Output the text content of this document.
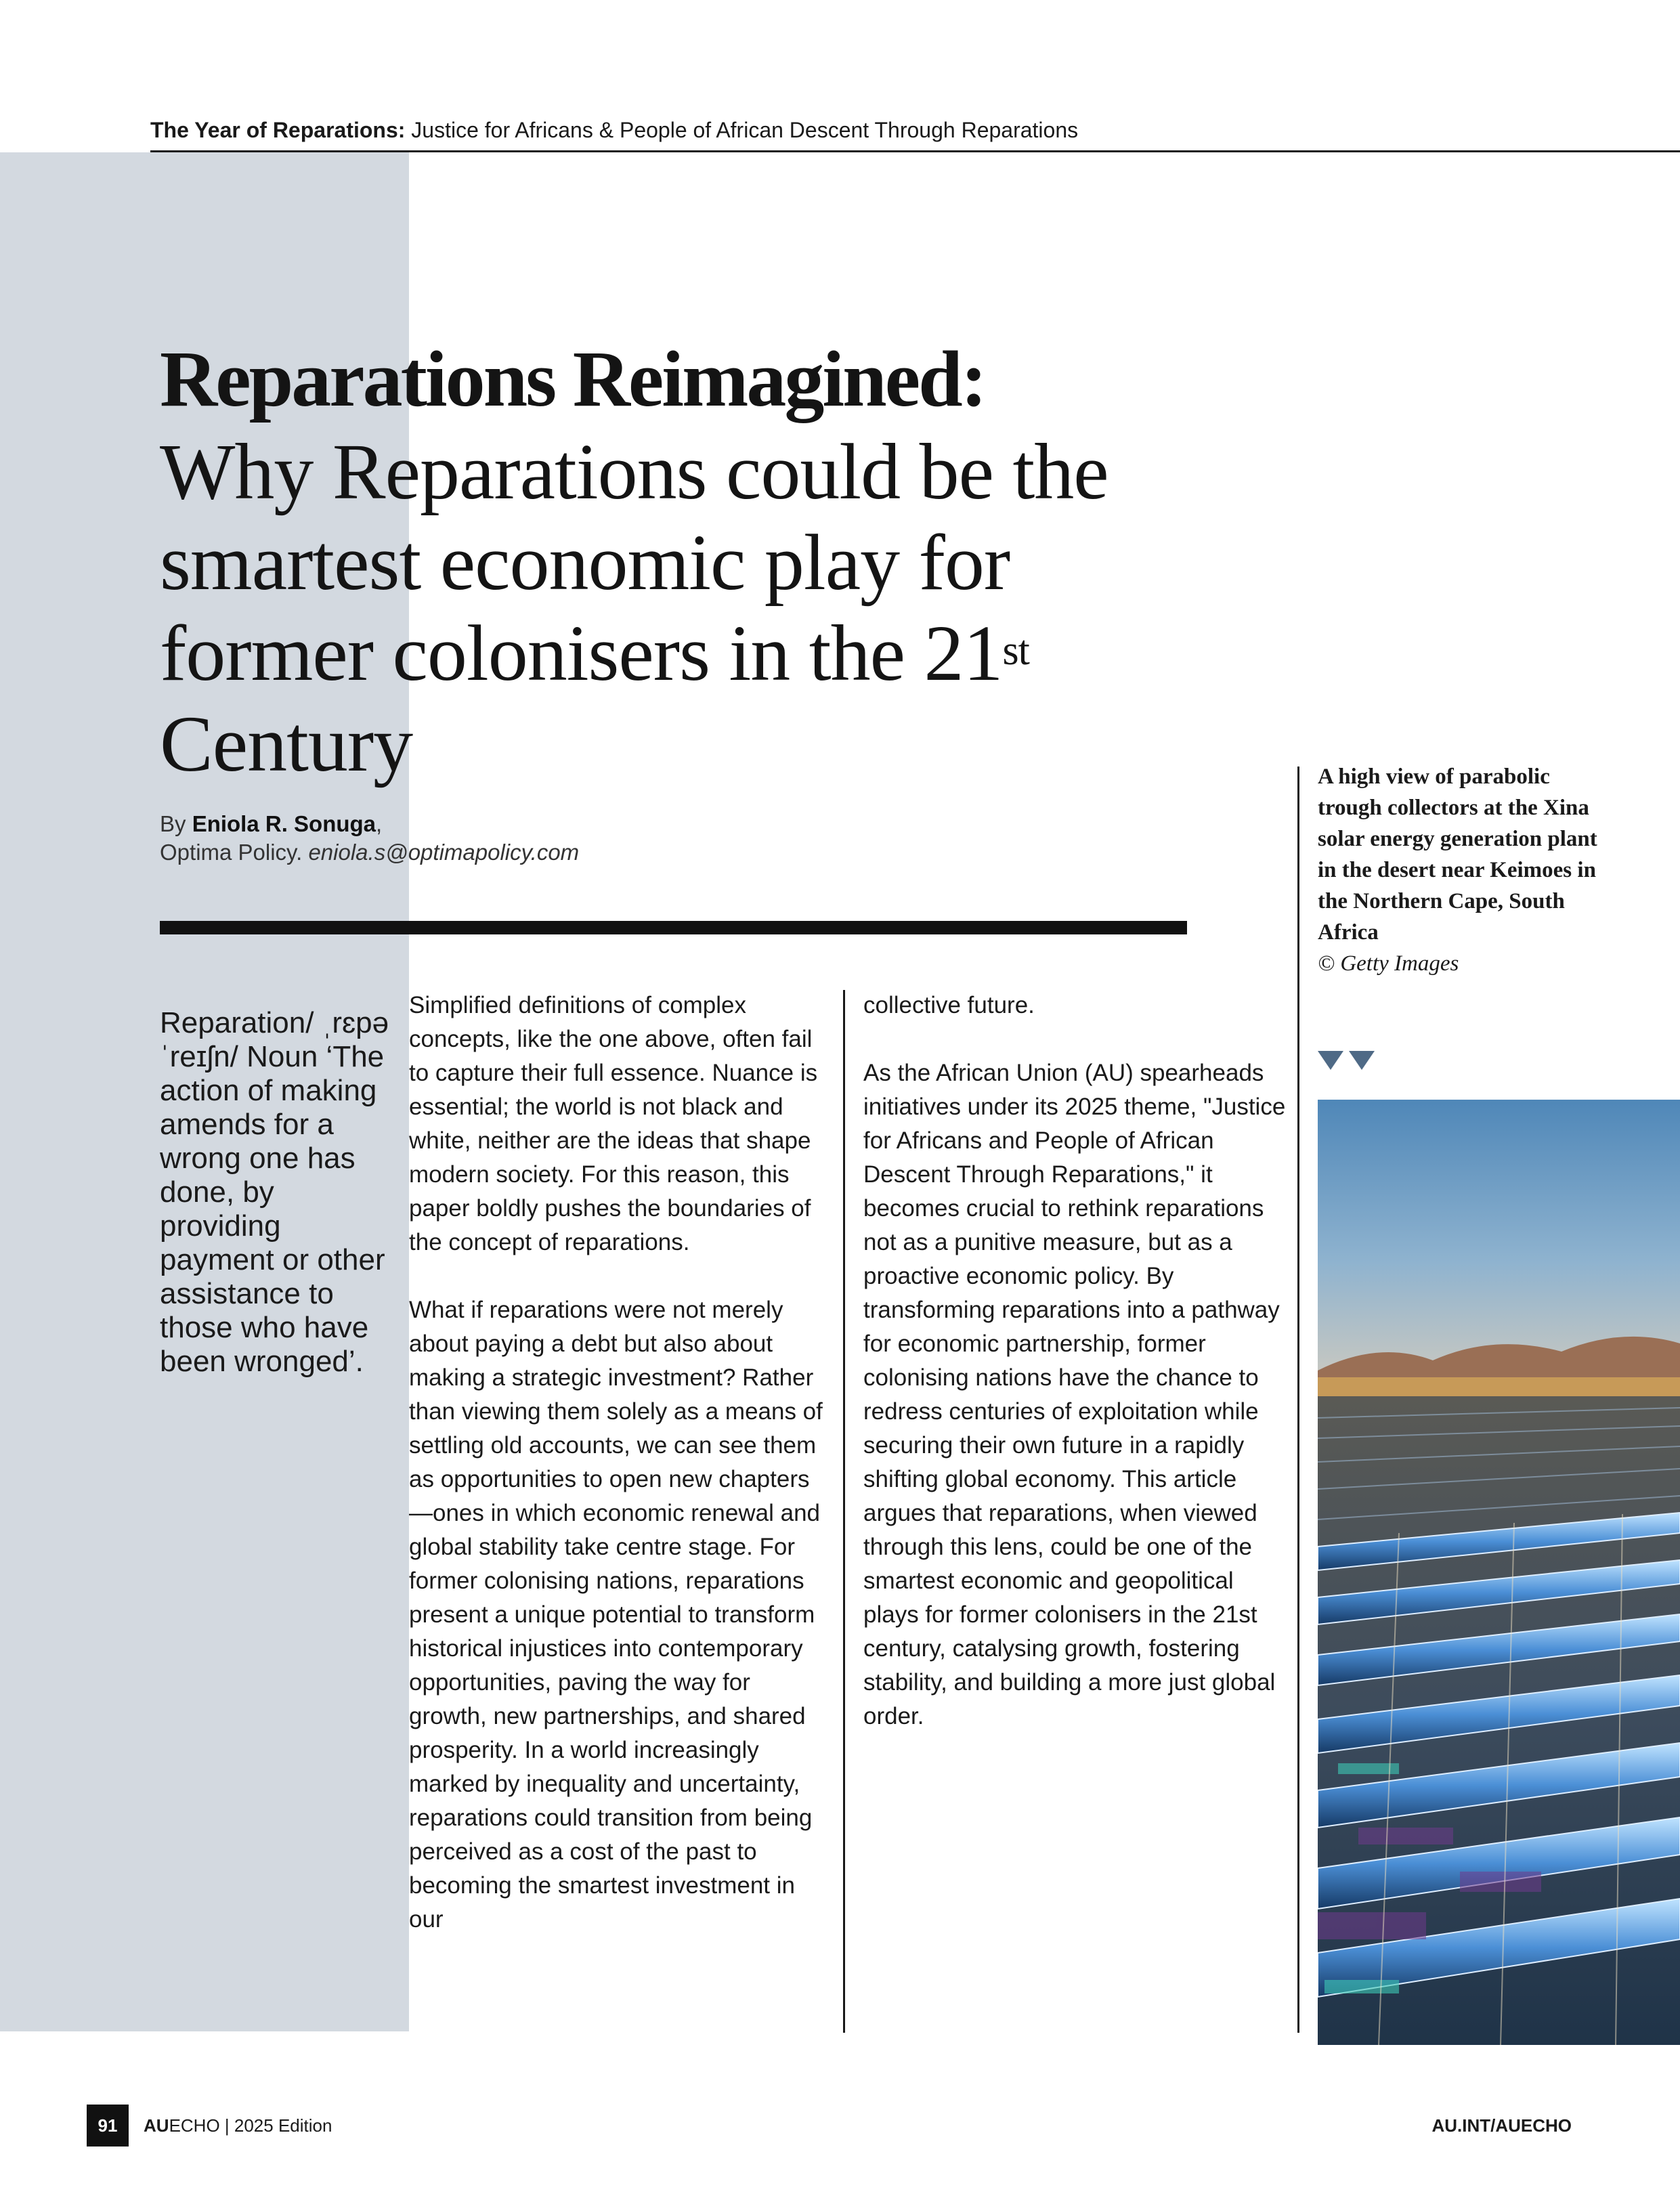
The Year of Reparations: Justice for Africans & People of African Descent Through Reparations
Reparations Reimagined:
Why Reparations could be the smartest economic play for former colonisers in the 21st
Century
By Eniola R. Sonuga,
Optima Policy. eniola.s@optimapolicy.com
Reparation/ ˌrɛpəˈreɪʃn/ Noun ‘The action of making amends for a wrong one has done, by providing payment or other assistance to those who have been wronged’.

Simplified definitions of complex concepts, like the one above, often fail to capture their full essence. Nuance is essential; the world is not black and white, neither are the ideas that shape modern society. For this reason, this paper boldly pushes the boundaries of the concept of reparations.

What if reparations were not merely about paying a debt but also about making a strategic investment? Rather than viewing them solely as a means of settling old accounts, we can see them as opportunities to open new chapters—ones in which economic renewal and global stability take centre stage. For former colonising nations, reparations present a unique potential to transform historical injustices into contemporary opportunities, paving the way for growth, new partnerships, and shared prosperity. In a world increasingly marked by inequality and uncertainty, reparations could transition from being perceived as a cost of the past to becoming the smartest investment in our

collective future.

As the African Union (AU) spearheads initiatives under its 2025 theme, "Justice for Africans and People of African Descent Through Reparations," it becomes crucial to rethink reparations not as a punitive measure, but as a proactive economic policy. By transforming reparations into a pathway for economic partnership, former colonising nations have the chance to redress centuries of exploitation while securing their own future in a rapidly shifting global economy. This article argues that reparations, when viewed through this lens, could be one of the smartest economic and geopolitical plays for former colonisers in the 21st century, catalysing growth, fostering stability, and building a more just global order.

A high view of parabolic trough collectors at the Xina solar energy generation plant in the desert near Keimoes in the Northern Cape, South Africa
© Getty Images
91	AUECHO | 2025 Edition	AU.INT/AUECHO
